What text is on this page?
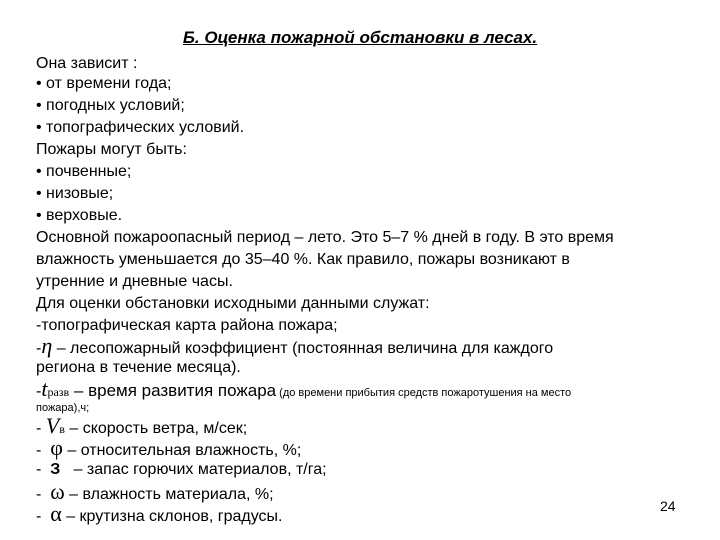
Б. Оценка пожарной обстановки в лесах.
Она зависит :
• от времени года;
• погодных условий;
• топографических условий.
Пожары могут быть:
• почвенные;
• низовые;
• верховые.
Основной пожароопасный период – лето. Это 5–7 % дней в году. В это время
влажность уменьшается до 35–40 %. Как правило, пожары возникают в
утренние и дневные часы.
Для оценки обстановки исходными данными служат:
-топографическая карта района пожара;
-η – лесопожарный коэффициент (постоянная величина для каждого
региона в течение месяца).
-tразв – время развития пожара (до времени прибытия средств пожаротушения на место
пожара),ч;
- Vв – скорость ветра, м/сек;
- φ – относительная влажность, %;
- З   – запас горючих материалов, т/га;
- ω – влажность материала, %;
- α – крутизна склонов, градусы.
24
